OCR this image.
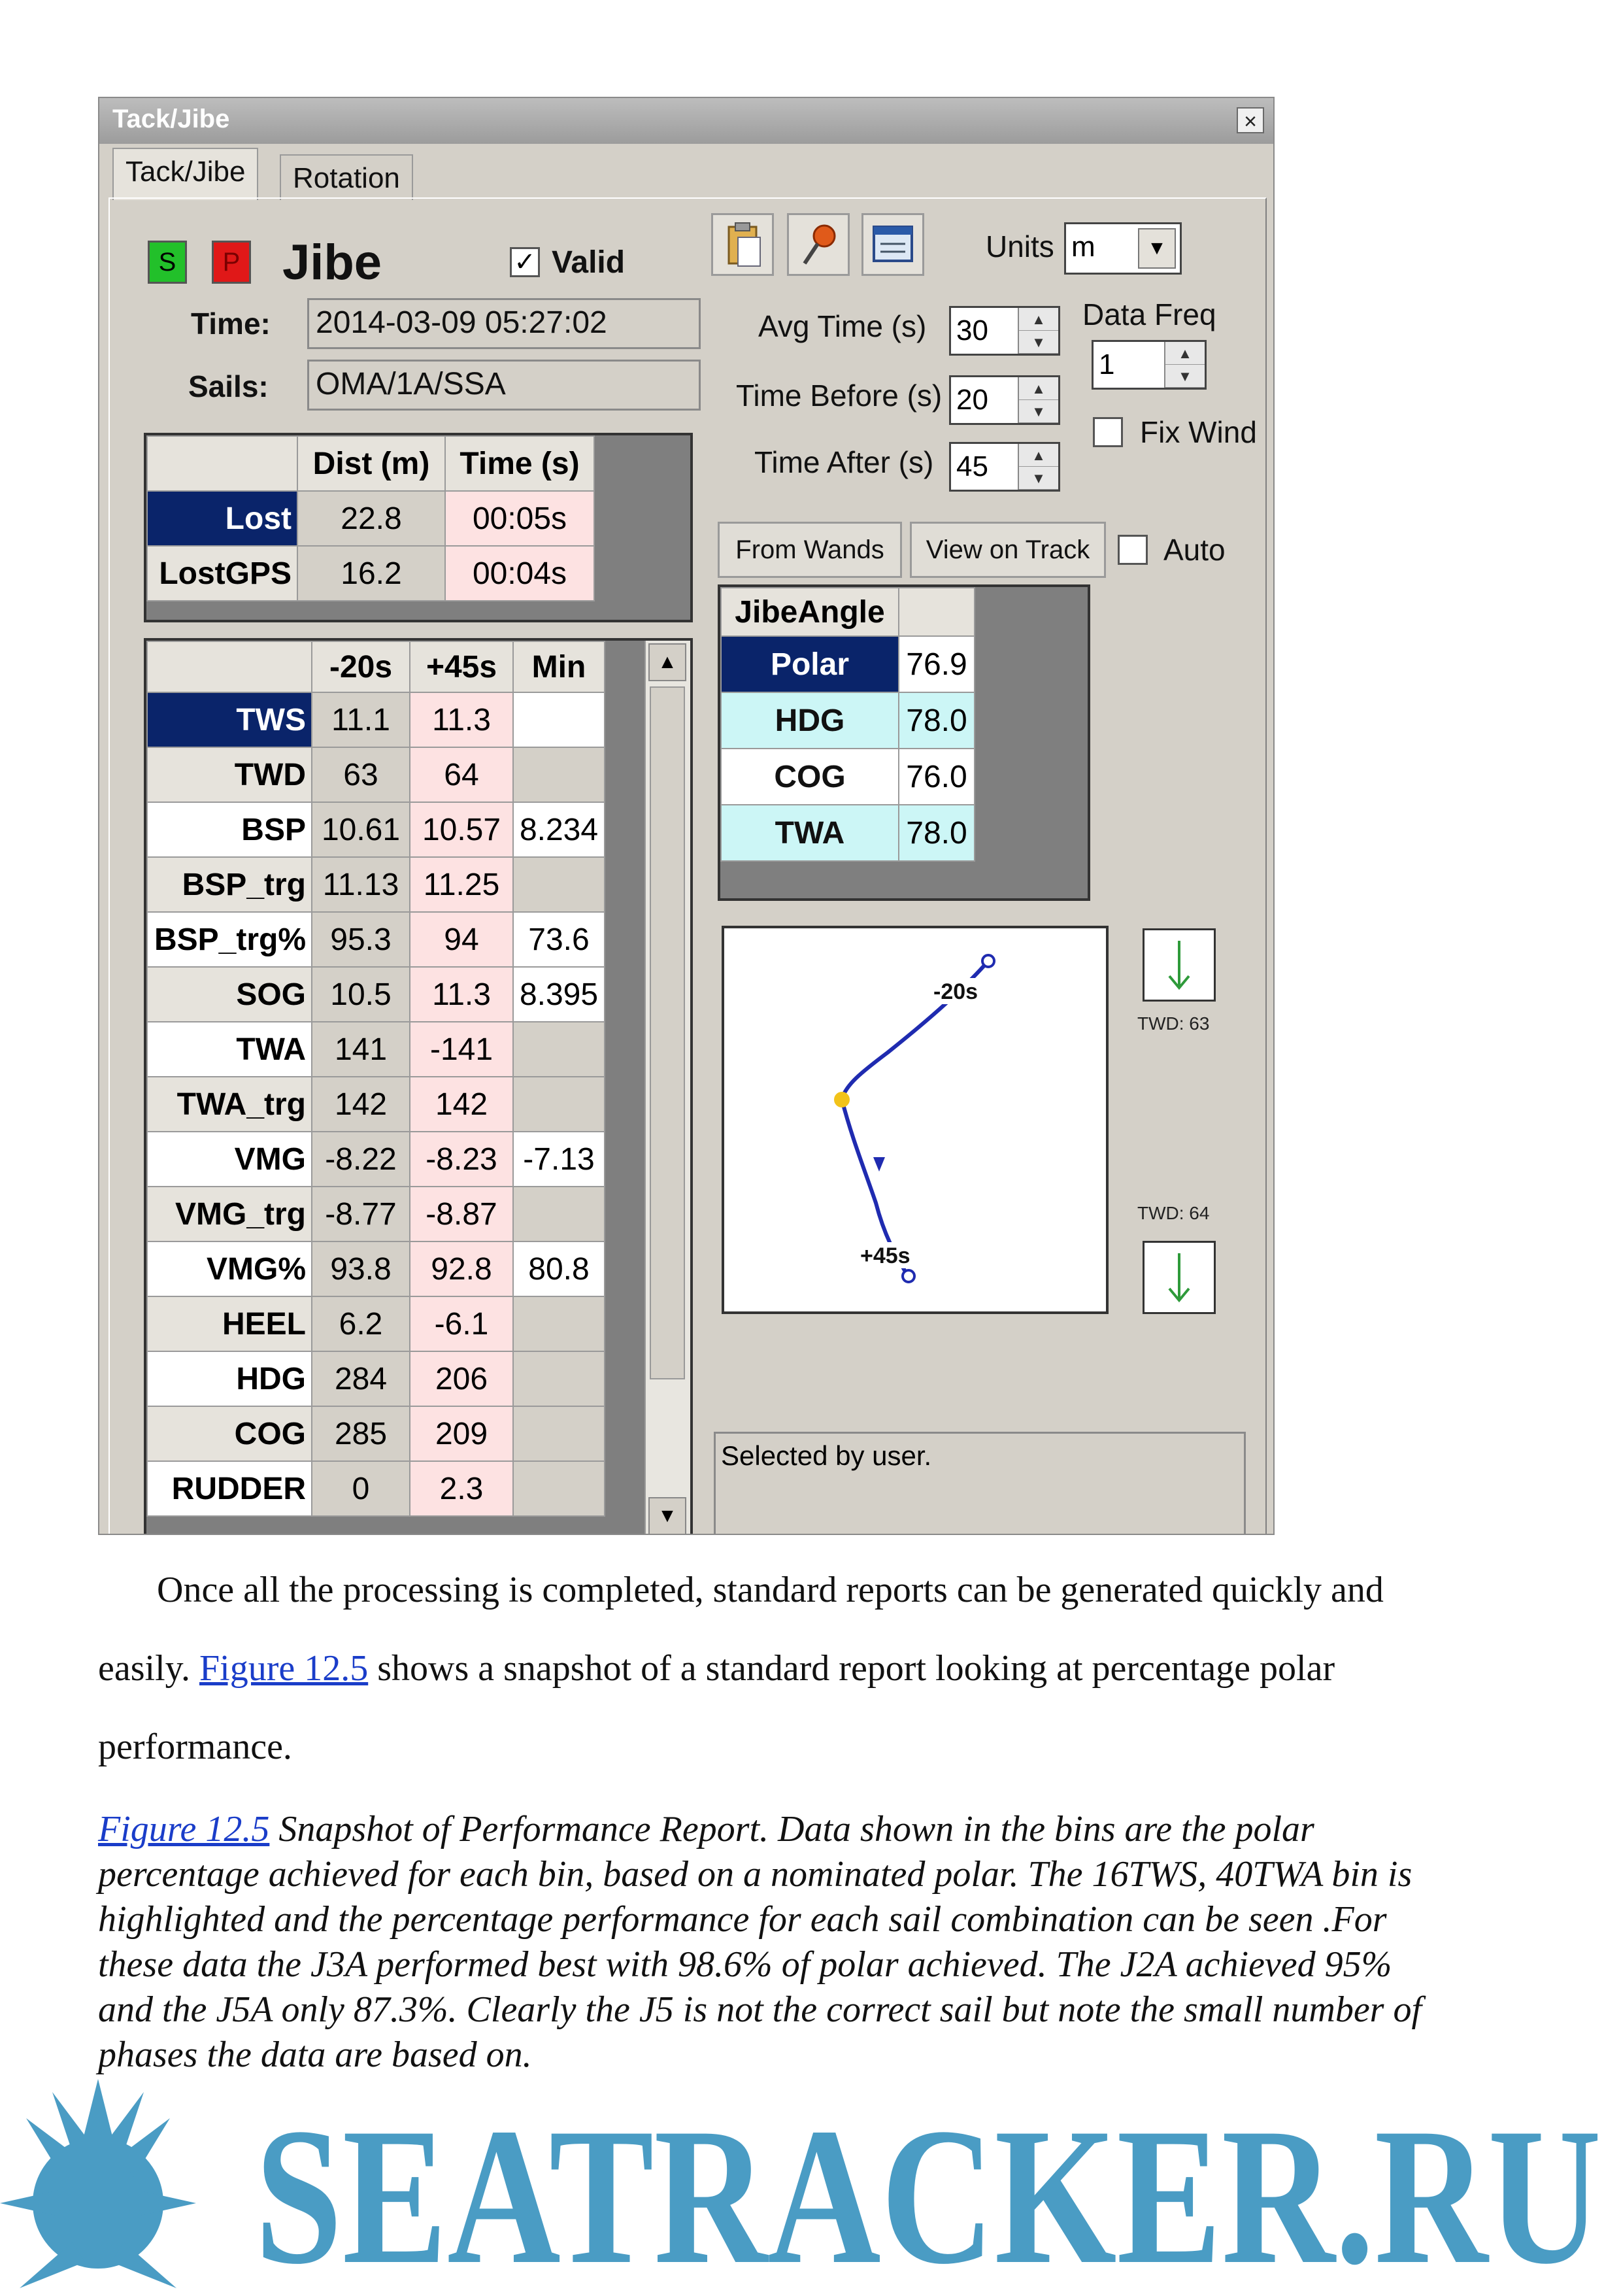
Tack/Jibe	×
Tack/Jibe	Rotation
S	P Jibe	✓ Valid
Time: 2014-03-09 05:27:02
Sails: OMA/1A/SSA
Units m	▼
Avg Time (s) 30	▲
▼
Time Before (s) 20	▲
▼
Time After (s) 45	▲
▼
Data Freq
1	▲
▼
Fix Wind
From Wands	View on Track	Auto
	Dist (m)	Time (s)
Lost	22.8	00:05s
LostGPS	16.2	00:04s
	-20s	+45s	Min
TWS	11.1	11.3	
TWD	63	64	
BSP	10.61	10.57	8.234
BSP_trg	11.13	11.25	
BSP_trg%	95.3	94	73.6
SOG	10.5	11.3	8.395
TWA	141	-141	
TWA_trg	142	142	
VMG	-8.22	-8.23	-7.13
VMG_trg	-8.77	-8.87	
VMG%	93.8	92.8	80.8
HEEL	6.2	-6.1	
HDG	284	206	
COG	285	209	
RUDDER	0	2.3	
▲
▼
JibeAngle	
Polar	76.9
HDG	78.0
COG	76.0
TWA	78.0
-20s
+45s
TWD: 63
TWD: 64
Selected by user.
Once all the processing is completed, standard reports can be generated quickly and
easily. Figure 12.5 shows a snapshot of a standard report looking at percentage polar
performance.
Figure 12.5 Snapshot of Performance Report. Data shown in the bins are the polar
percentage achieved for each bin, based on a nominated polar. The 16TWS, 40TWA bin is
highlighted and the percentage performance for each sail combination can be seen .For
these data the J3A performed best with 98.6% of polar achieved. The J2A achieved 95%
and the J5A only 87.3%. Clearly the J5 is not the correct sail but note the small number of
phases the data are based on.
SEATRACKER.RU
